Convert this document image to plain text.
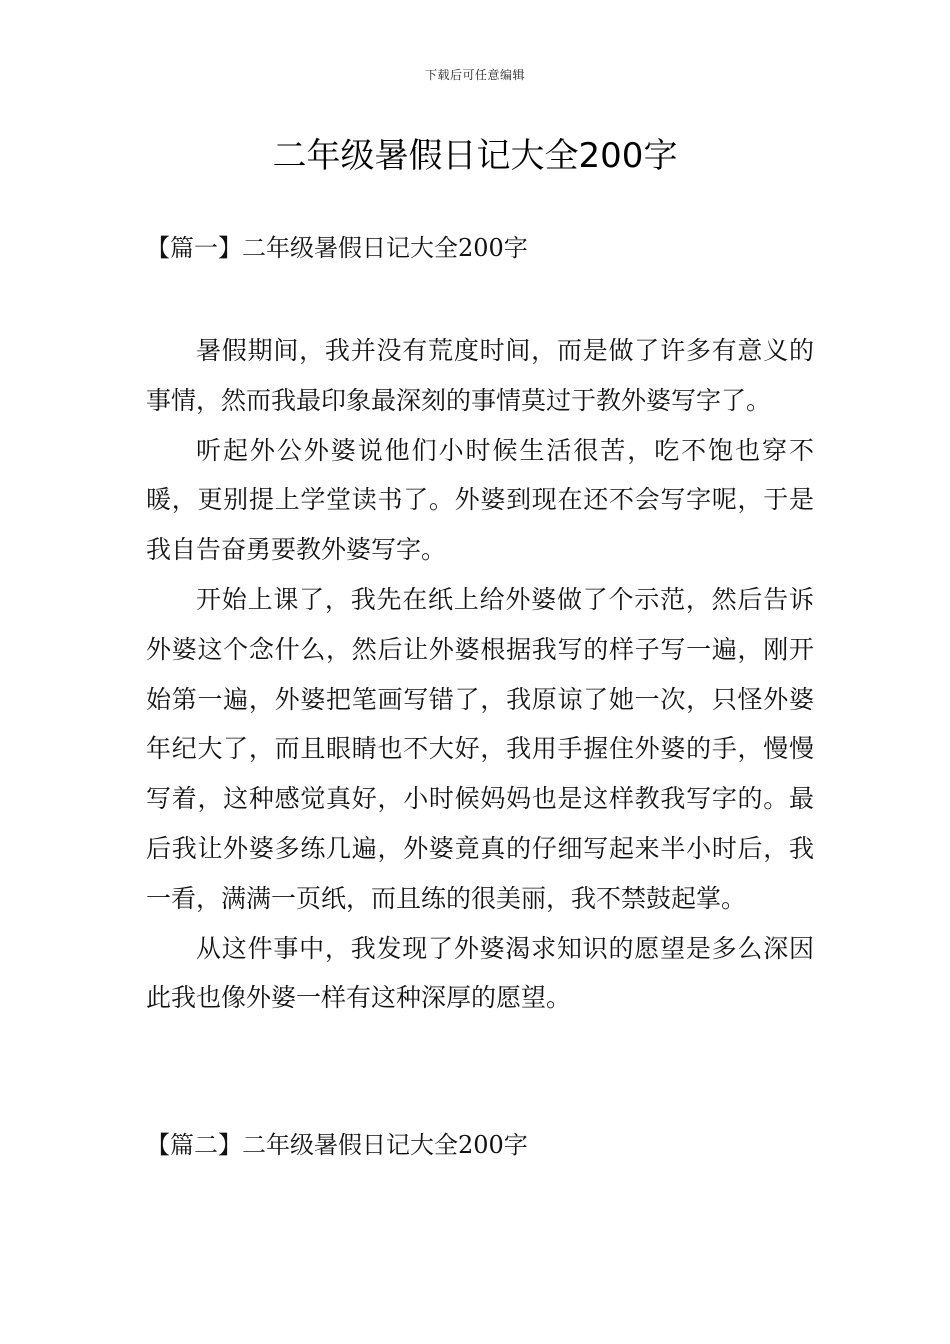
下载后可任意编辑
二年级暑假日记大全200字
【篇一】二年级暑假日记大全200字

暑假期间，我并没有荒度时间，而是做了许多有意义的事情，然而我最印象最深刻的事情莫过于教外婆写字了。

听起外公外婆说他们小时候生活很苦，吃不饱也穿不暖，更别提上学堂读书了。外婆到现在还不会写字呢，于是我自告奋勇要教外婆写字。

开始上课了，我先在纸上给外婆做了个示范，然后告诉外婆这个念什么，然后让外婆根据我写的样子写一遍，刚开始第一遍，外婆把笔画写错了，我原谅了她一次，只怪外婆年纪大了，而且眼睛也不大好，我用手握住外婆的手，慢慢写着，这种感觉真好，小时候妈妈也是这样教我写字的。最后我让外婆多练几遍，外婆竟真的仔细写起来半小时后，我一看，满满一页纸，而且练的很美丽，我不禁鼓起掌。

从这件事中，我发现了外婆渴求知识的愿望是多么深因此我也像外婆一样有这种深厚的愿望。

【篇二】二年级暑假日记大全200字
